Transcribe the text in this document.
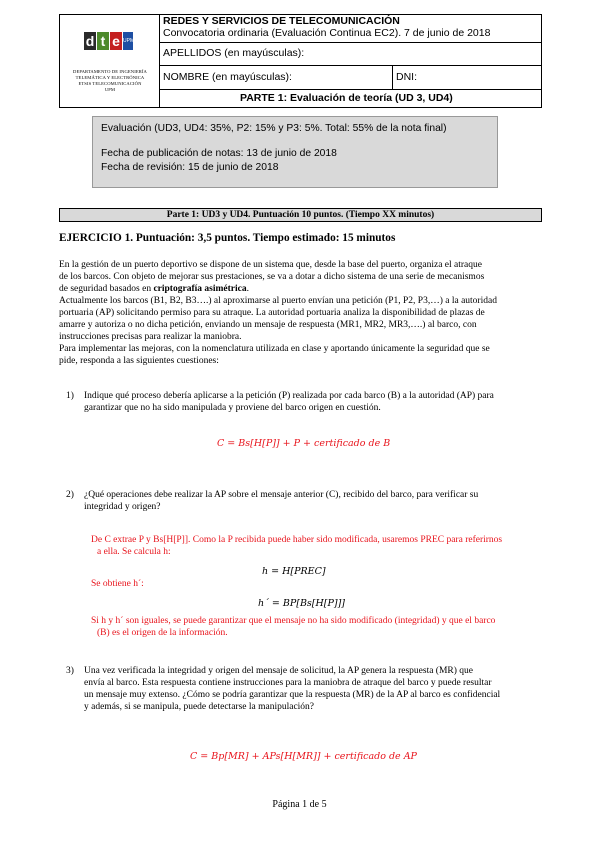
d t e UPM
DEPARTAMENTO DE INGENIERÍA
TELEMÁTICA Y ELECTRÓNICA
ETSIS TELECOMUNICACIÓN
UPM
REDES Y SERVICIOS DE TELECOMUNICACIÓN
Convocatoria ordinaria (Evaluación Continua EC2). 7 de junio de 2018
APELLIDOS (en mayúsculas):
NOMBRE (en mayúsculas):	DNI:
PARTE 1: Evaluación de teoría (UD 3, UD4)
Evaluación (UD3, UD4: 35%, P2: 15% y P3: 5%. Total: 55% de la nota final)
Fecha de publicación de notas: 13 de junio de 2018
Fecha de revisión: 15 de junio de 2018
Parte 1: UD3 y UD4. Puntuación 10 puntos. (Tiempo XX minutos)
EJERCICIO 1. Puntuación: 3,5 puntos. Tiempo estimado: 15 minutos
En la gestión de un puerto deportivo se dispone de un sistema que, desde la base del puerto, organiza el atraque
de los barcos. Con objeto de mejorar sus prestaciones, se va a dotar a dicho sistema de una serie de mecanismos
de seguridad basados en criptografía asimétrica.
Actualmente los barcos (B1, B2, B3….) al aproximarse al puerto envían una petición (P1, P2, P3,…) a la autoridad
portuaria (AP) solicitando permiso para su atraque. La autoridad portuaria analiza la disponibilidad de plazas de
amarre y autoriza o no dicha petición, enviando un mensaje de respuesta (MR1, MR2, MR3,….) al barco, con
instrucciones precisas para realizar la maniobra.
Para implementar las mejoras, con la nomenclatura utilizada en clase y aportando únicamente la seguridad que se
pide, responda a las siguientes cuestiones:
1) Indique qué proceso debería aplicarse a la petición (P) realizada por cada barco (B) a la autoridad (AP) para
garantizar que no ha sido manipulada y proviene del barco origen en cuestión.
C = Bs[H[P]] + P + certificado de B
2) ¿Qué operaciones debe realizar la AP sobre el mensaje anterior (C), recibido del barco, para verificar su
integridad y origen?
De C extrae P y Bs[H[P]]. Como la P recibida puede haber sido modificada, usaremos PREC para referirnos
a ella. Se calcula h:
h = H[PREC]
Se obtiene h´:
h´ = BP[Bs[H[P]]]
Si h y h´ son iguales, se puede garantizar que el mensaje no ha sido modificado (integridad) y que el barco
(B) es el origen de la información.
3) Una vez verificada la integridad y origen del mensaje de solicitud, la AP genera la respuesta (MR) que
envía al barco. Esta respuesta contiene instrucciones para la maniobra de atraque del barco y puede resultar
un mensaje muy extenso. ¿Cómo se podría garantizar que la respuesta (MR) de la AP al barco es confidencial
y además, si se manipula, puede detectarse la manipulación?
C = Bp[MR] + APs[H[MR]] + certificado de AP
Página 1 de 5
